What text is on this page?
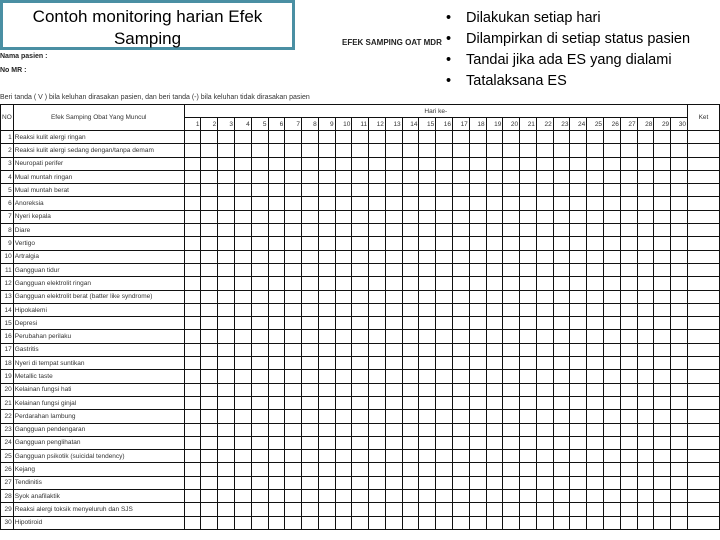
Contoh monitoring harian Efek Samping	EFEK SAMPING OAT MDR
Nama pasien :
No MR :
Beri tanda ( V ) bila keluhan dirasakan pasien, dan beri tanda (-) bila keluhan tidak dirasakan pasien
• Dilakukan setiap hari
• Dilampirkan di setiap status pasien
• Tandai jika ada ES yang dialami
• Tatalaksana ES
NO	Efek Samping Obat Yang Muncul	Hari ke-																														Ket
		1	2	3	4	5	6	7	8	9	10	11	12	13	14	15	16	17	18	19	20	21	22	23	24	25	26	27	28	29	30	
1	Reaksi kulit alergi ringan																															
2	Reaksi kulit alergi sedang dengan/tanpa demam																															
3	Neuropati perifer																															
4	Mual muntah ringan																															
5	Mual muntah berat																															
6	Anoreksia																															
7	Nyeri kepala																															
8	Diare																															
9	Vertigo																															
10	Artralgia																															
11	Gangguan tidur																															
12	Gangguan elektrolit ringan																															
13	Gangguan elektrolit berat (batter like syndrome)																															
14	Hipokalemi																															
15	Depresi																															
16	Perubahan perilaku																															
17	Gastritis																															
18	Nyeri di tempat suntikan																															
19	Metallic taste																															
20	Kelainan fungsi hati																															
21	Kelainan fungsi ginjal																															
22	Perdarahan lambung																															
23	Gangguan pendengaran																															
24	Gangguan penglihatan																															
25	Gangguan psikotik (suicidal tendency)																															
26	Kejang																															
27	Tendinitis																															
28	Syok anafilaktik																															
29	Reaksi alergi toksik menyeluruh dan SJS																															
30	Hipotiroid																															
